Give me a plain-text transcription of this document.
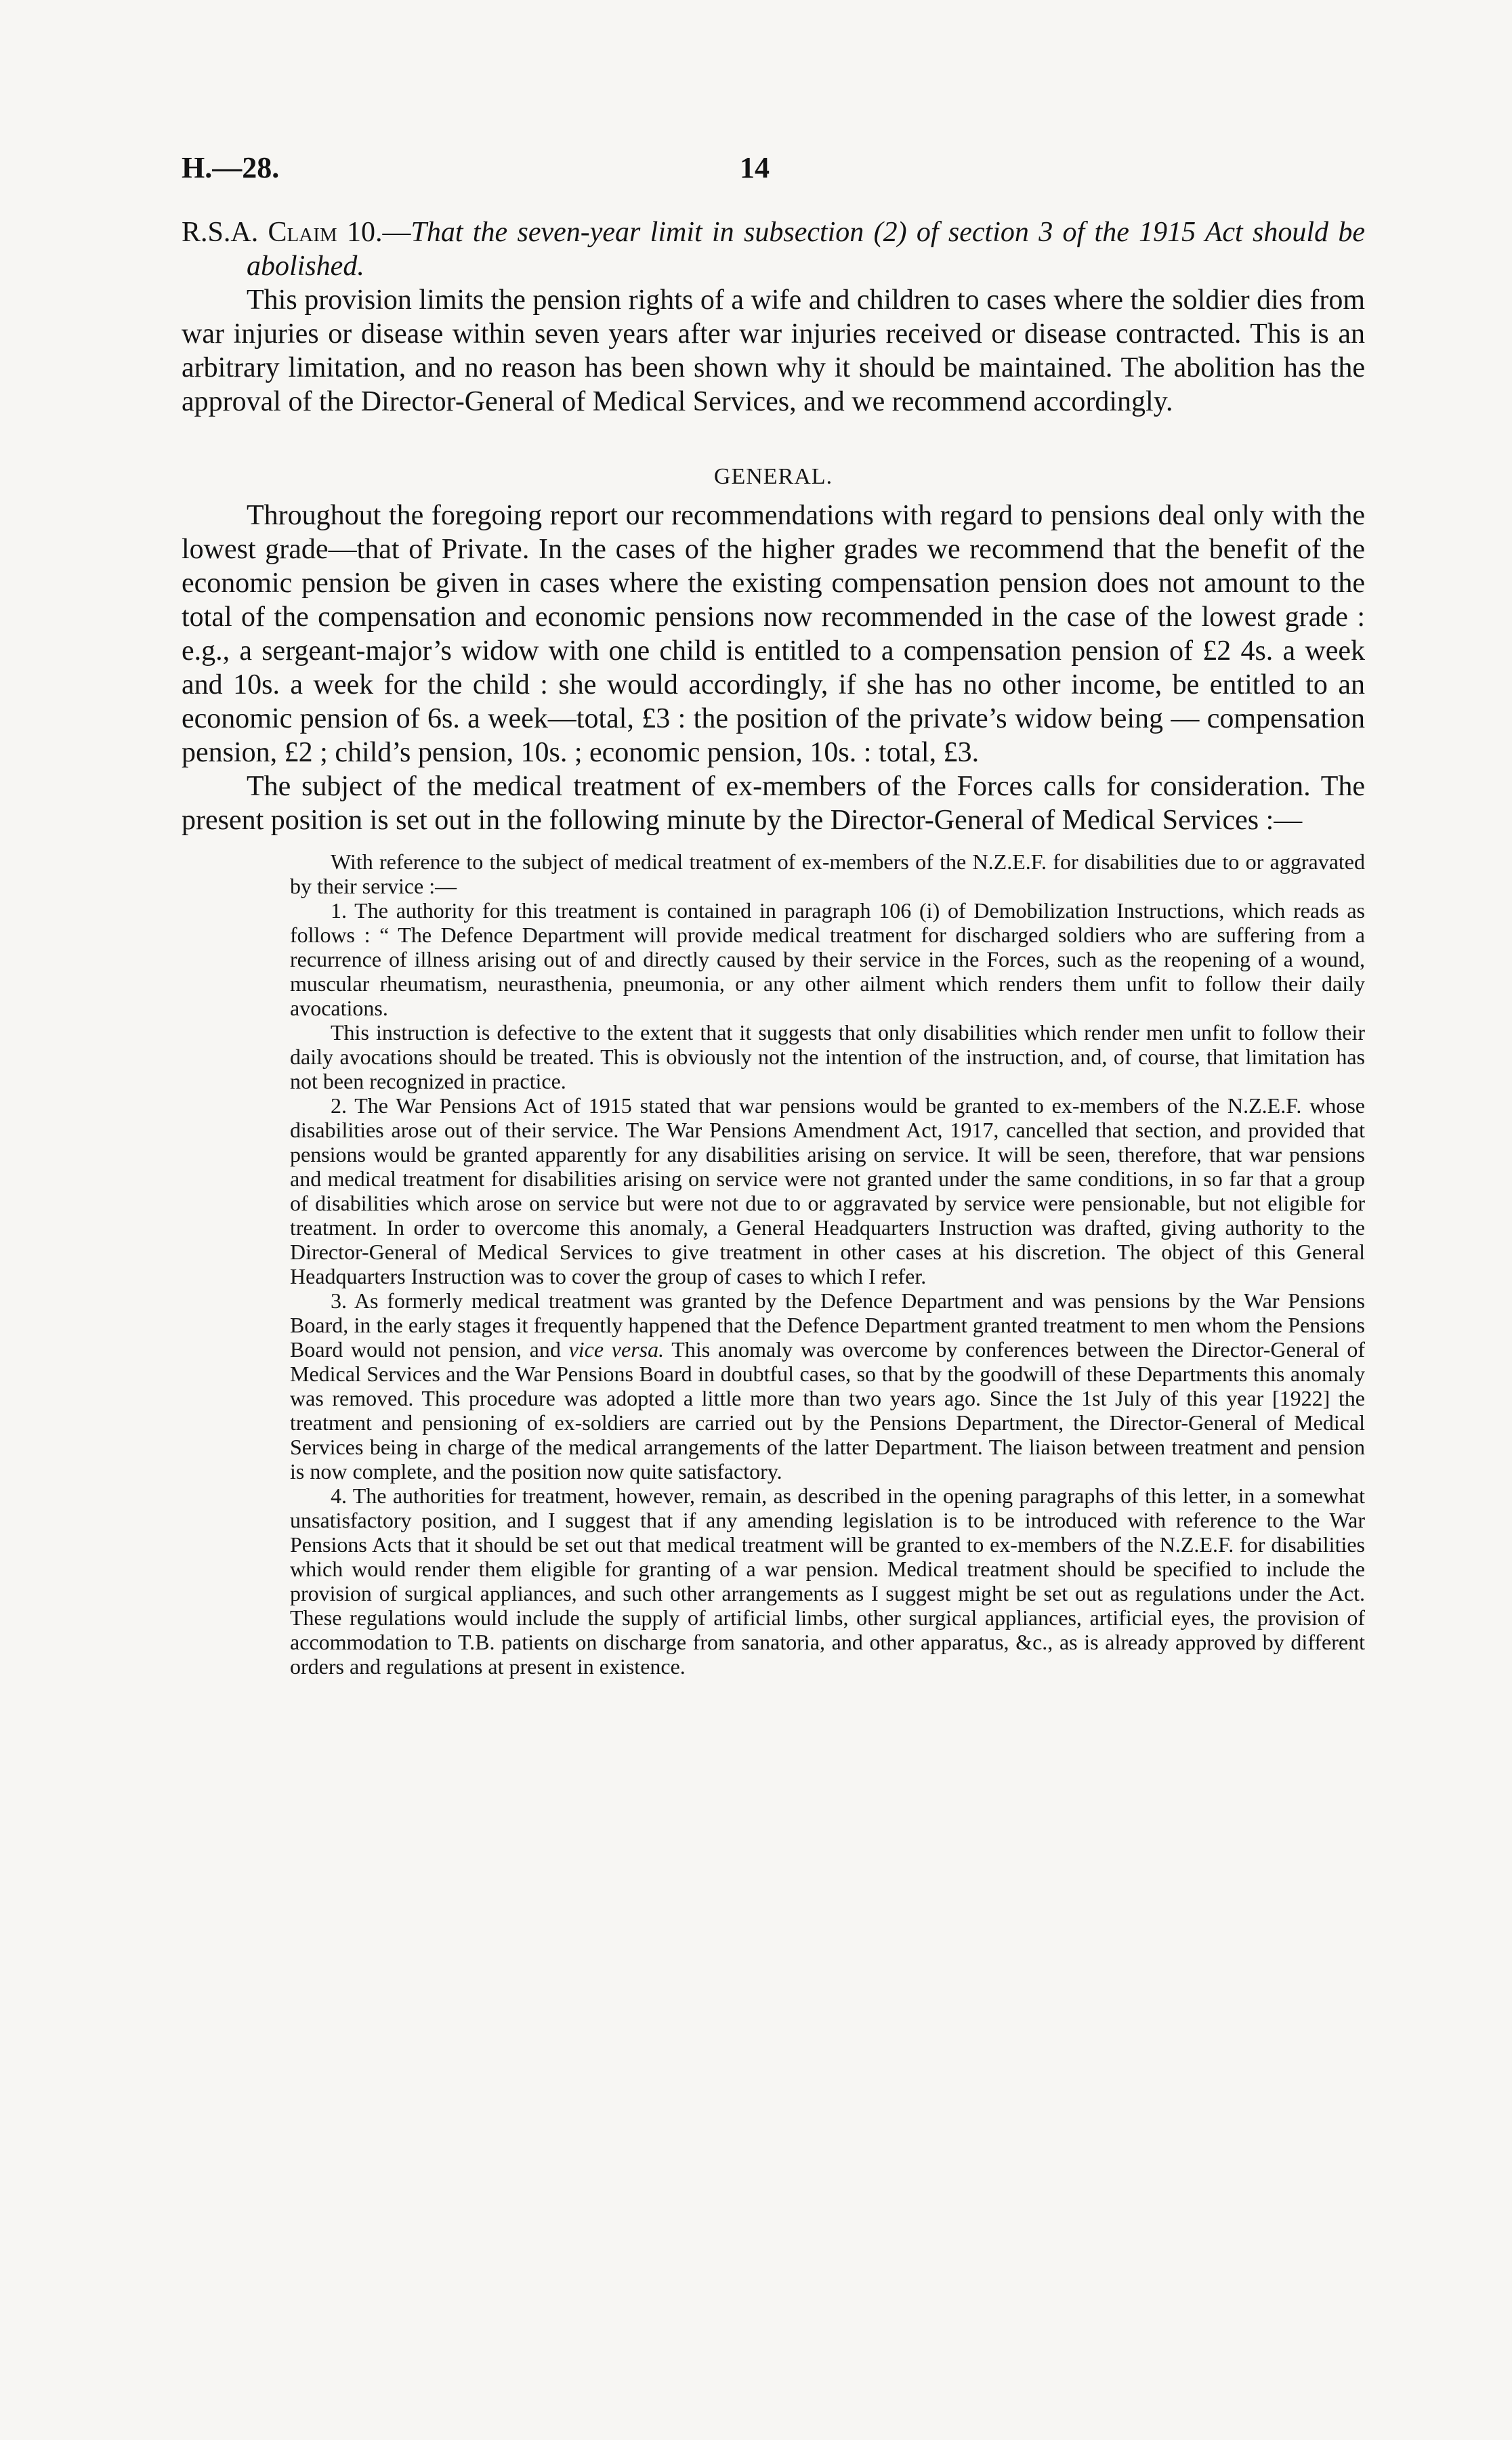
H.—28.	14

R.S.A. Claim 10.—That the seven-year limit in subsection (2) of section 3 of the 1915 Act should be abolished.

This provision limits the pension rights of a wife and children to cases where the soldier dies from war injuries or disease within seven years after war injuries received or disease contracted. This is an arbitrary limitation, and no reason has been shown why it should be maintained. The abolition has the approval of the Director-General of Medical Services, and we recommend accordingly.

GENERAL.

Throughout the foregoing report our recommendations with regard to pensions deal only with the lowest grade—that of Private. In the cases of the higher grades we recommend that the benefit of the economic pension be given in cases where the existing compensation pension does not amount to the total of the compensation and economic pensions now recommended in the case of the lowest grade : e.g., a sergeant-major’s widow with one child is entitled to a compensation pension of £2 4s. a week and 10s. a week for the child : she would accordingly, if she has no other income, be entitled to an economic pension of 6s. a week—total, £3 : the position of the private’s widow being — compensation pension, £2 ; child’s pension, 10s. ; economic pension, 10s. : total, £3.

The subject of the medical treatment of ex-members of the Forces calls for consideration. The present position is set out in the following minute by the Director-General of Medical Services :—

With reference to the subject of medical treatment of ex-members of the N.Z.E.F. for disabilities due to or aggravated by their service :—

1. The authority for this treatment is contained in paragraph 106 (i) of Demobilization Instructions, which reads as follows : “ The Defence Department will provide medical treatment for discharged soldiers who are suffering from a recurrence of illness arising out of and directly caused by their service in the Forces, such as the reopening of a wound, muscular rheumatism, neurasthenia, pneumonia, or any other ailment which renders them unfit to follow their daily avocations.

This instruction is defective to the extent that it suggests that only disabilities which render men unfit to follow their daily avocations should be treated. This is obviously not the intention of the instruction, and, of course, that limitation has not been recognized in practice.

2. The War Pensions Act of 1915 stated that war pensions would be granted to ex-members of the N.Z.E.F. whose disabilities arose out of their service. The War Pensions Amendment Act, 1917, cancelled that section, and provided that pensions would be granted apparently for any disabilities arising on service. It will be seen, therefore, that war pensions and medical treatment for disabilities arising on service were not granted under the same conditions, in so far that a group of disabilities which arose on service but were not due to or aggravated by service were pensionable, but not eligible for treatment. In order to overcome this anomaly, a General Headquarters Instruction was drafted, giving authority to the Director-General of Medical Services to give treatment in other cases at his discretion. The object of this General Headquarters Instruction was to cover the group of cases to which I refer.

3. As formerly medical treatment was granted by the Defence Department and was pensions by the War Pensions Board, in the early stages it frequently happened that the Defence Department granted treatment to men whom the Pensions Board would not pension, and vice versa. This anomaly was overcome by conferences between the Director-General of Medical Services and the War Pensions Board in doubtful cases, so that by the goodwill of these Departments this anomaly was removed. This procedure was adopted a little more than two years ago. Since the 1st July of this year [1922] the treatment and pensioning of ex-soldiers are carried out by the Pensions Department, the Director-General of Medical Services being in charge of the medical arrangements of the latter Department. The liaison between treatment and pension is now complete, and the position now quite satisfactory.

4. The authorities for treatment, however, remain, as described in the opening paragraphs of this letter, in a somewhat unsatisfactory position, and I suggest that if any amending legislation is to be introduced with reference to the War Pensions Acts that it should be set out that medical treatment will be granted to ex-members of the N.Z.E.F. for disabilities which would render them eligible for granting of a war pension. Medical treatment should be specified to include the provision of surgical appliances, and such other arrangements as I suggest might be set out as regulations under the Act. These regulations would include the supply of artificial limbs, other surgical appliances, artificial eyes, the provision of accommodation to T.B. patients on discharge from sanatoria, and other apparatus, &c., as is already approved by different orders and regulations at present in existence.
